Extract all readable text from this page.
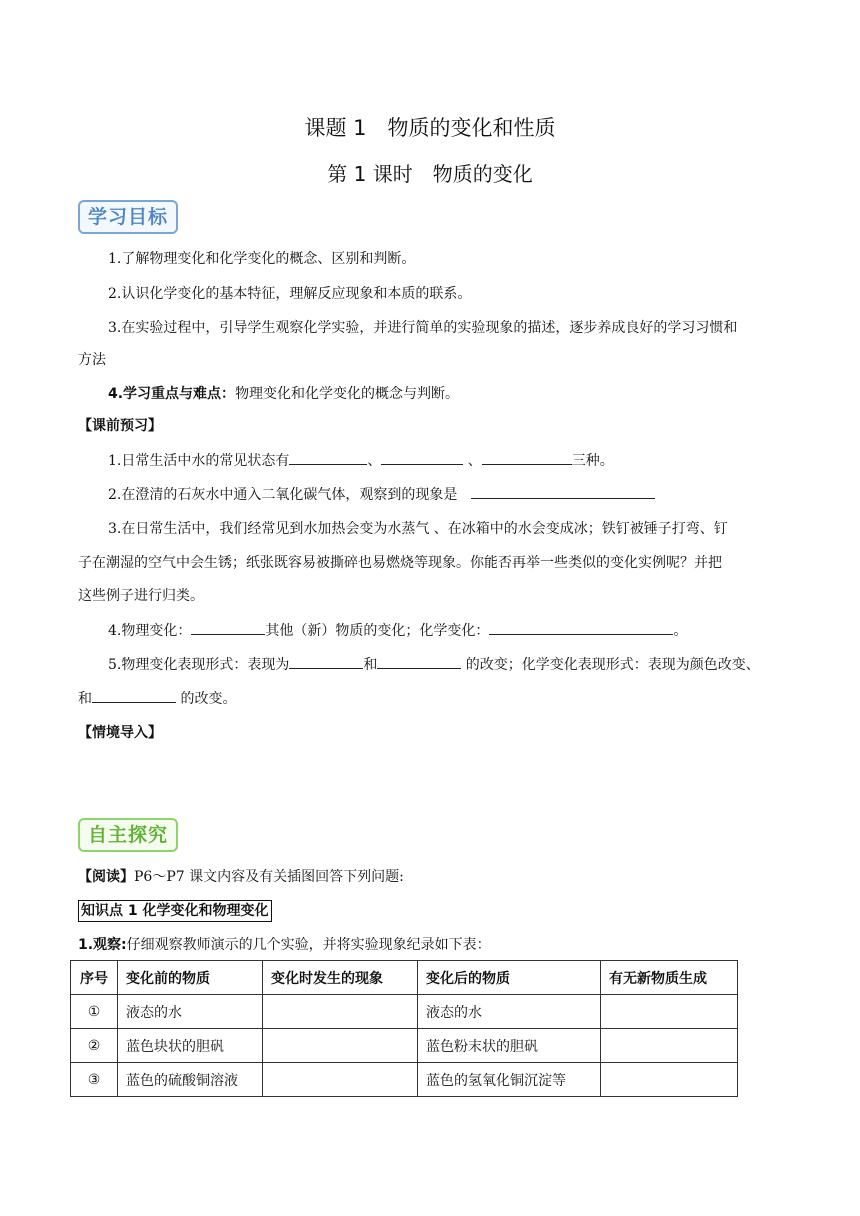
课题 1　物质的变化和性质
第 1 课时　物质的变化
学习目标
1.了解物理变化和化学变化的概念、区别和判断。
2.认识化学变化的基本特征，理解反应现象和本质的联系。
3.在实验过程中，引导学生观察化学实验，并进行简单的实验现象的描述，逐步养成良好的学习习惯和
方法
4.学习重点与难点：物理变化和化学变化的概念与判断。
【课前预习】
1.日常生活中水的常见状态有	、	、	三种。
2.在澄清的石灰水中通入二氧化碳气体，观察到的现象是
3.在日常生活中，我们经常见到水加热会变为水蒸气 、在冰箱中的水会变成冰；铁钉被锤子打弯、钉
子在潮湿的空气中会生锈；纸张既容易被撕碎也易燃烧等现象。你能否再举一些类似的变化实例呢？并把
这些例子进行归类。
4.物理变化：	其他（新）物质的变化；化学变化：	。
5.物理变化表现形式：表现为	和	的改变；化学变化表现形式：表现为颜色改变、
和	的改变。
【情境导入】
自主探究
【阅读】P6～P7 课文内容及有关插图回答下列问题:
知识点 1 化学变化和物理变化
1.观察:仔细观察教师演示的几个实验，并将实验现象纪录如下表：
序号	变化前的物质	变化时发生的现象	变化后的物质	有无新物质生成
①	液态的水		液态的水	
②	蓝色块状的胆矾		蓝色粉末状的胆矾	
③	蓝色的硫酸铜溶液		蓝色的氢氧化铜沉淀等	
